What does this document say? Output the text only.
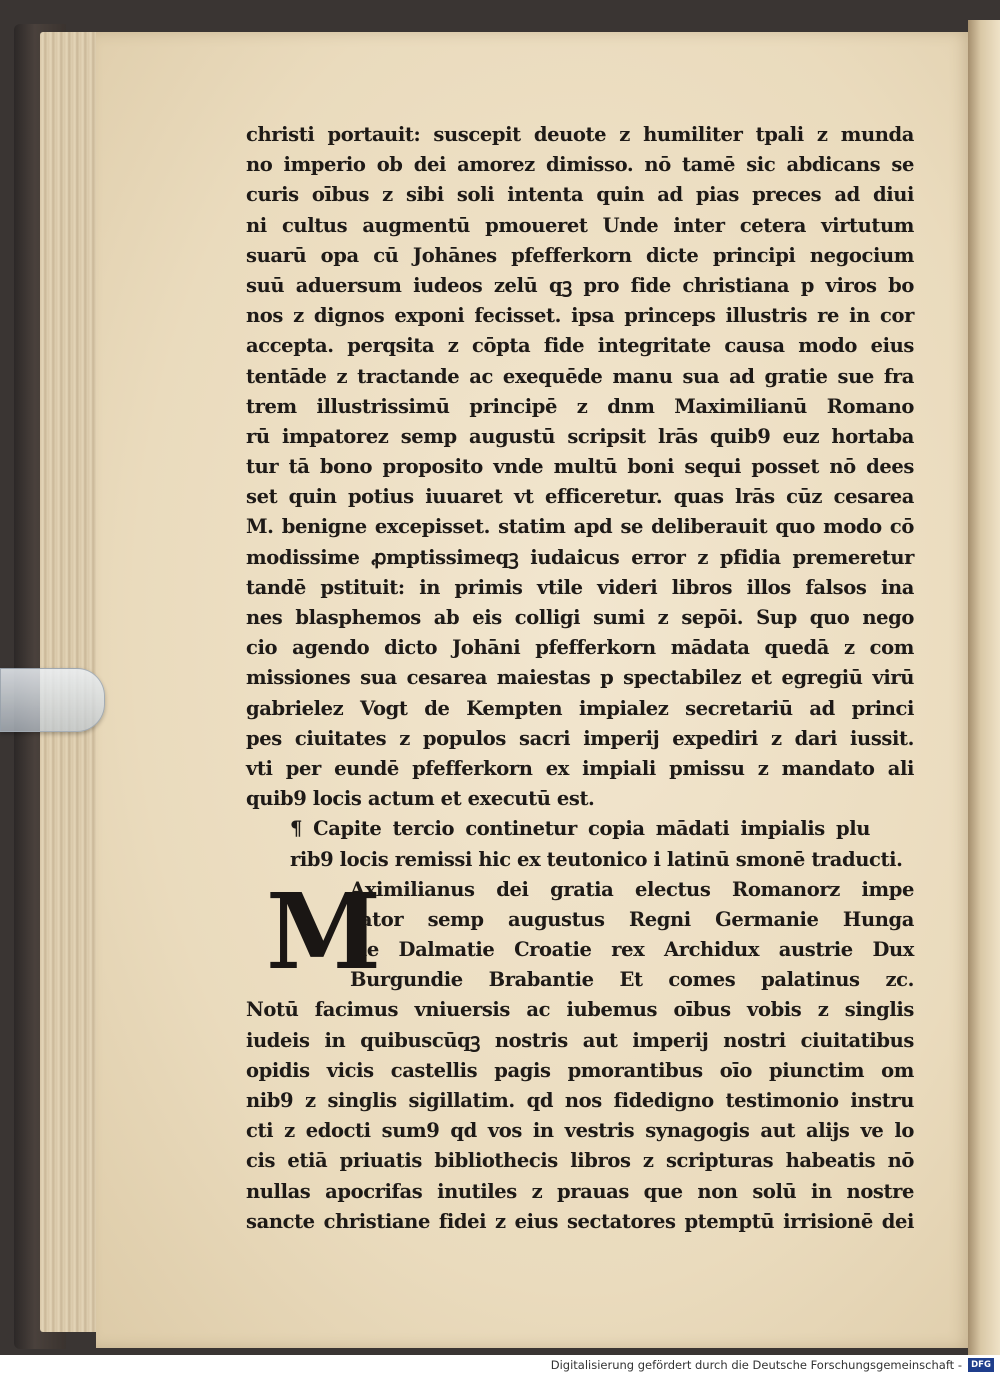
christi portauit: suscepit deuote z humiliter tpali z munda
no imperio ob dei amorez dimisso. nō tamē sic abdicans se
curis oībus z sibi soli intenta quin ad pias preces ad diui
ni cultus augmentū pmoueret Unde inter cetera virtutum
suarū opa cū Johānes pfefferkorn dicte principi negocium
suū aduersum iudeos zelū qꝫ pro fide christiana p viros bo
nos z dignos exponi fecisset. ipsa princeps illustris re in cor
accepta. perqsita z cōpta fide integritate causa modo eius
tentāde z tractande ac exequēde manu sua ad gratie sue fra
trem illustrissimū principē z dnm Maximilianū Romano
rū impatorez semp augustū scripsit lrās quib9 euz hortaba
tur tā bono proposito vnde multū boni sequi posset nō dees
set quin potius iuuaret vt efficeretur. quas lrās cūz cesarea
M. benigne excepisset. statim apd se deliberauit quo modo cō
modissime ꝓmptissimeqꝫ iudaicus error z pfidia premeretur
tandē pstituit: in primis vtile videri libros illos falsos ina
nes blasphemos ab eis colligi sumi z sepōi. Sup quo nego
cio agendo dicto Johāni pfefferkorn mādata quedā z com
missiones sua cesarea maiestas p spectabilez et egregiū virū
gabrielez Vogt de Kempten impialez secretariū ad princi
pes ciuitates z populos sacri imperij expediri z dari iussit.
vti per eundē pfefferkorn ex impiali pmissu z mandato ali
quib9 locis actum et executū est.
¶ Capite tercio continetur copia mādati impialis plu
rib9 locis remissi hic ex teutonico i latinū smonē traducti.
M
Aximilianus dei gratia electus Romanorz impe
rator semp augustus Regni Germanie Hunga
rie Dalmatie Croatie rex Archidux austrie Dux
Burgundie Brabantie Et comes palatinus zc.
Notū facimus vniuersis ac iubemus oībus vobis z singlis
iudeis in quibuscūqꝫ nostris aut imperij nostri ciuitatibus
opidis vicis castellis pagis pmorantibus oīo piunctim om
nib9 z singlis sigillatim. qd nos fidedigno testimonio instru
cti z edocti sum9 qd vos in vestris synagogis aut alijs ve lo
cis etiā priuatis bibliothecis libros z scripturas habeatis nō
nullas apocrifas inutiles z prauas que non solū in nostre
sancte christiane fidei z eius sectatores ptemptū irrisionē dei
Digitalisierung gefördert durch die Deutsche Forschungsgemeinschaft -	DFG
